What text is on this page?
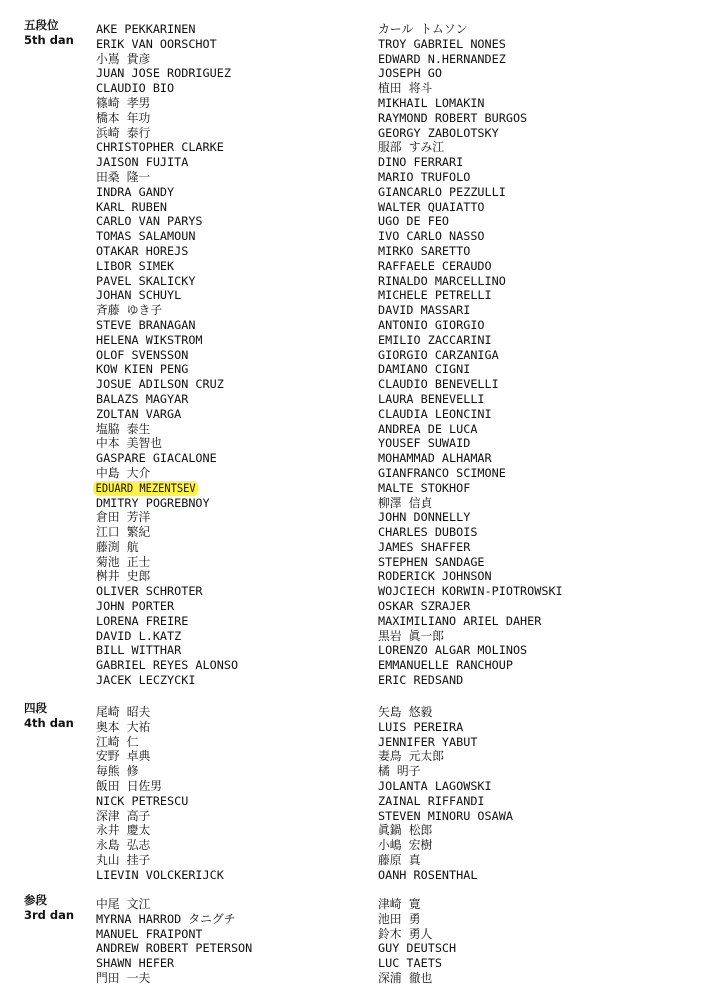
五段位
5th dan
AKE PEKKARINEN
ERIK VAN OORSCHOT
小嶌 貴彦
JUAN JOSE RODRIGUEZ
CLAUDIO BIO
篠崎 孝男
橋本 年功
浜崎 泰行
CHRISTOPHER CLARKE
JAISON FUJITA
田桑 隆一
INDRA GANDY
KARL RUBEN
CARLO VAN PARYS
TOMAS SALAMOUN
OTAKAR HOREJS
LIBOR SIMEK
PAVEL SKALICKY
JOHAN SCHUYL
斉藤 ゆき子
STEVE BRANAGAN
HELENA WIKSTROM
OLOF SVENSSON
KOW KIEN PENG
JOSUE ADILSON CRUZ
BALAZS MAGYAR
ZOLTAN VARGA
塩脇 泰生
中本 美智也
GASPARE GIACALONE
中島 大介
EDUARD MEZENTSEV
DMITRY POGREBNOY
倉田 芳洋
江口 繁紀
藤渕 航
菊池 正士
桝井 史郎
OLIVER SCHROTER
JOHN PORTER
LORENA FREIRE
DAVID L.KATZ
BILL WITTHAR
GABRIEL REYES ALONSO
JACEK LECZYCKI
カール トムソン
TROY GABRIEL NONES
EDWARD N.HERNANDEZ
JOSEPH GO
植田 将斗
MIKHAIL LOMAKIN
RAYMOND ROBERT BURGOS
GEORGY ZABOLOTSKY
服部 すみ江
DINO FERRARI
MARIO TRUFOLO
GIANCARLO PEZZULLI
WALTER QUAIATTO
UGO DE FEO
IVO CARLO NASSO
MIRKO SARETTO
RAFFAELE CERAUDO
RINALDO MARCELLINO
MICHELE PETRELLI
DAVID MASSARI
ANTONIO GIORGIO
EMILIO ZACCARINI
GIORGIO CARZANIGA
DAMIANO CIGNI
CLAUDIO BENEVELLI
LAURA BENEVELLI
CLAUDIA LEONCINI
ANDREA DE LUCA
YOUSEF SUWAID
MOHAMMAD ALHAMAR
GIANFRANCO SCIMONE
MALTE STOKHOF
柳澤 信貞
JOHN DONNELLY
CHARLES DUBOIS
JAMES SHAFFER
STEPHEN SANDAGE
RODERICK JOHNSON
WOJCIECH KORWIN-PIOTROWSKI
OSKAR SZRAJER
MAXIMILIANO ARIEL DAHER
黒岩 眞一郎
LORENZO ALGAR MOLINOS
EMMANUELLE RANCHOUP
ERIC REDSAND
四段
4th dan
尾崎 昭夫
奥本 大祐
江崎 仁
安野 卓典
毎熊 修
飯田 日佐男
NICK PETRESCU
深津 高子
永井 慶太
永島 弘志
丸山 挂子
LIEVIN VOLCKERIJCK
矢島 悠毅
LUIS PEREIRA
JENNIFER YABUT
妻鳥 元太郎
橘 明子
JOLANTA LAGOWSKI
ZAINAL RIFFANDI
STEVEN MINORU OSAWA
眞鍋 松郎
小嶋 宏樹
藤原 真
OANH ROSENTHAL
参段
3rd dan
中尾 文江
MYRNA HARROD タニグチ
MANUEL FRAIPONT
ANDREW ROBERT PETERSON
SHAWN HEFER
門田 一夫
津崎 寛
池田 勇
鈴木 勇人
GUY DEUTSCH
LUC TAETS
深浦 徹也
